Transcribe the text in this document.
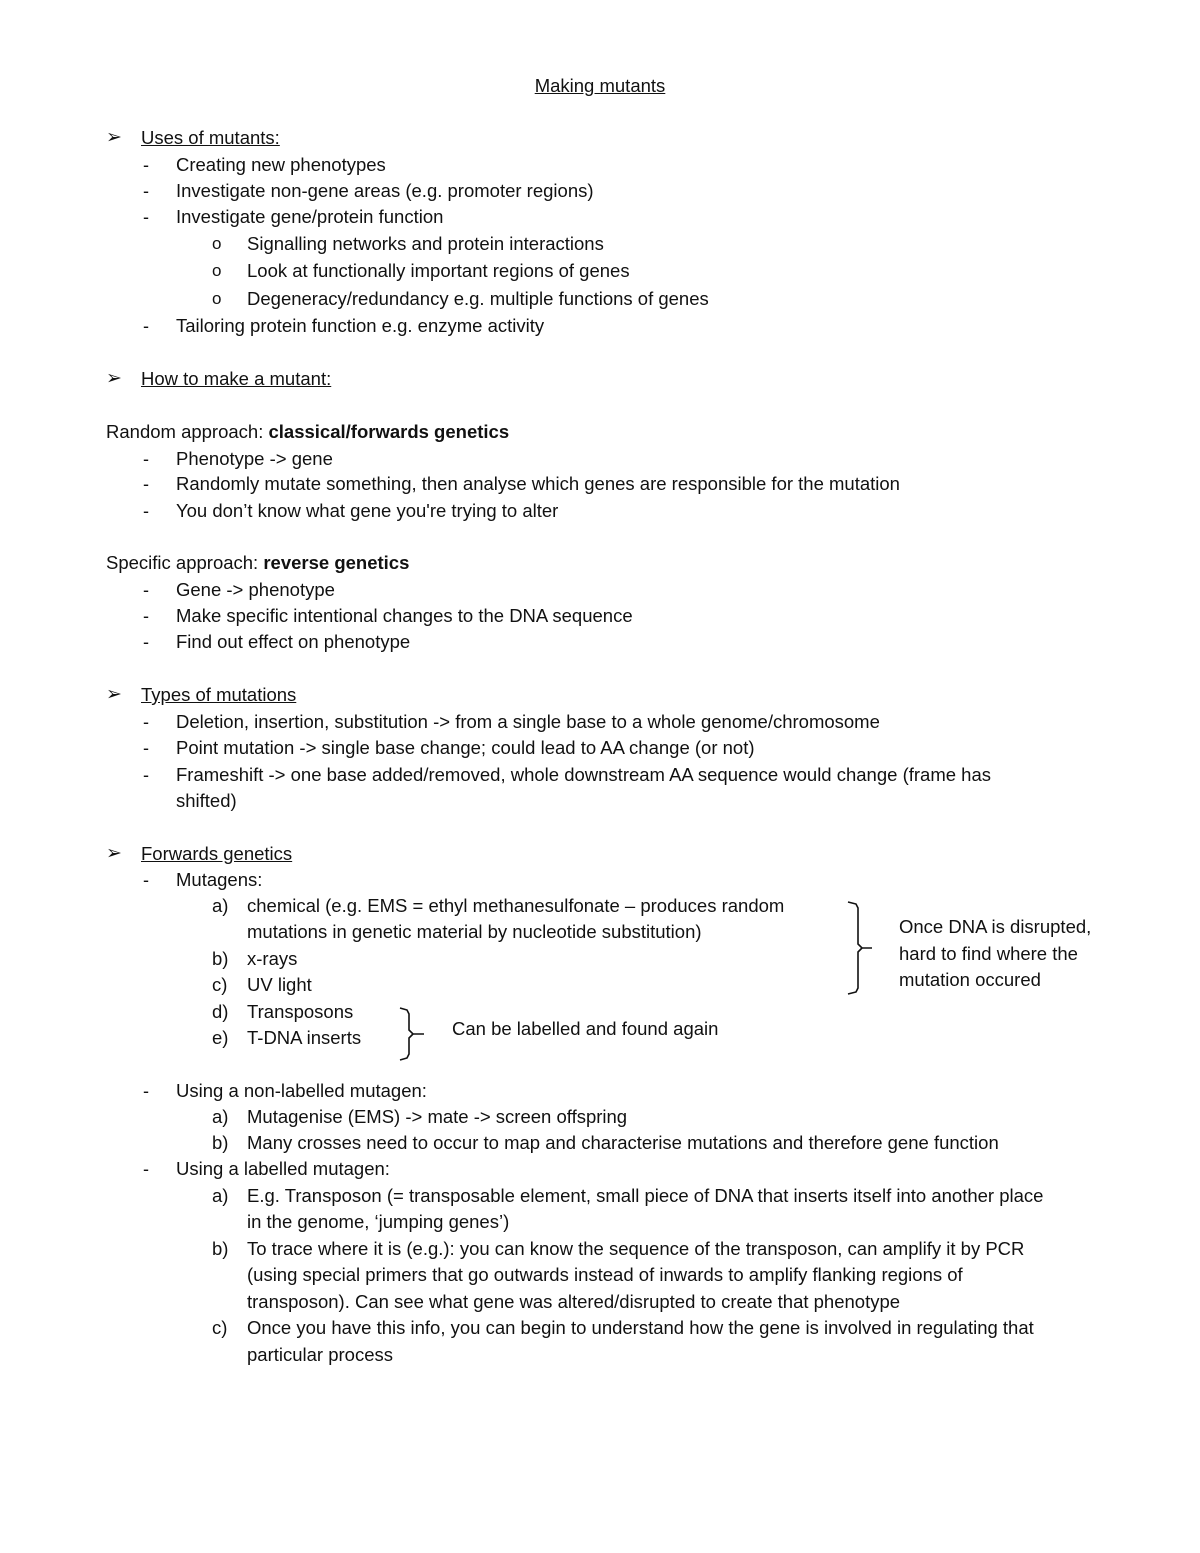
Making mutants
➢ Uses of mutants:
- Creating new phenotypes
- Investigate non-gene areas (e.g. promoter regions)
- Investigate gene/protein function
o Signalling networks and protein interactions
o Look at functionally important regions of genes
o Degeneracy/redundancy e.g. multiple functions of genes
- Tailoring protein function e.g. enzyme activity
➢ How to make a mutant:
Random approach: classical/forwards genetics
- Phenotype -> gene
- Randomly mutate something, then analyse which genes are responsible for the mutation
- You don’t know what gene you're trying to alter
Specific approach: reverse genetics
- Gene -> phenotype
- Make specific intentional changes to the DNA sequence
- Find out effect on phenotype
➢ Types of mutations
- Deletion, insertion, substitution -> from a single base to a whole genome/chromosome
- Point mutation -> single base change; could lead to AA change (or not)
- Frameshift -> one base added/removed, whole downstream AA sequence would change (frame has
shifted)
➢ Forwards genetics
- Mutagens:
a) chemical (e.g. EMS = ethyl methanesulfonate – produces random
mutations in genetic material by nucleotide substitution)
b) x-rays
c) UV light
d) Transposons
e) T-DNA inserts
Once DNA is disrupted,
hard to find where the
mutation occured
Can be labelled and found again
- Using a non-labelled mutagen:
a) Mutagenise (EMS) -> mate -> screen offspring
b) Many crosses need to occur to map and characterise mutations and therefore gene function
- Using a labelled mutagen:
a) E.g. Transposon (= transposable element, small piece of DNA that inserts itself into another place
in the genome, ‘jumping genes’)
b) To trace where it is (e.g.): you can know the sequence of the transposon, can amplify it by PCR
(using special primers that go outwards instead of inwards to amplify flanking regions of
transposon). Can see what gene was altered/disrupted to create that phenotype
c) Once you have this info, you can begin to understand how the gene is involved in regulating that
particular process
